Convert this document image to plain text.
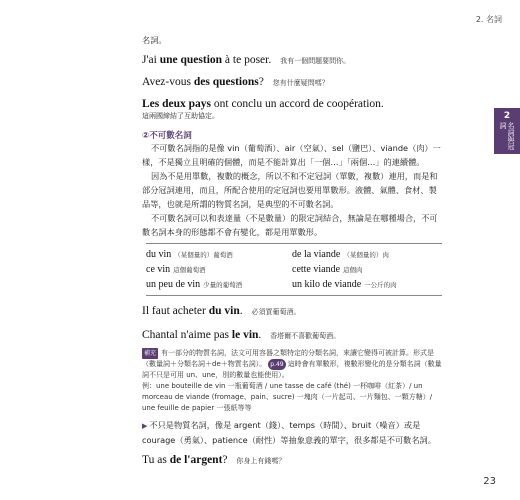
2. 名詞
2
名詞與冠詞

名詞。

J'ai une question à te poser. 我有一個問題要問你。

Avez-vous des questions? 您有什麼疑問嗎？

Les deux pays ont conclu un accord de coopération.

這兩國締結了互助協定。

②不可數名詞

不可數名詞指的是像 vin（葡萄酒）、air（空氣）、sel（鹽巴）、viande（肉）一樣，不是獨立且明確的個體，而是不能計算出「一個…」「兩個…」的連續體。

因為不是用單數，複數的概念，所以不和不定冠詞（單數，複數）連用，而是和部分冠詞連用，而且，所配合使用的定冠詞也要用單數形。液體、氣體、食材、製品等，也就是所謂的物質名詞，是典型的不可數名詞。

不可數名詞可以和表達量（不是數量）的限定詞結合，無論是在哪種場合，不可數名詞本身的形態都不會有變化，都是用單數形。

du vin （某個量的）葡萄酒	de la viande （某個量的）肉
ce vin 這個葡萄酒	cette viande 這個肉
un peu de vin 少量的葡萄酒	un kilo de viande 一公斤的肉

Il faut acheter du vin. 必須買葡萄酒。

Chantal n'aime pas le vin. 香塔爾不喜歡葡萄酒。

補充 有一部分的物質名詞，法文可用容器之類特定的分類名詞，來讓它變得可被計算。形式是（數量詞＋分類名詞＋de＋物質名詞）。 p.49 這時會有單數形，複數形變化的是分類名詞（數量詞不只是可用 un、une，別的數量也能使用）。
例：une bouteille de vin 一瓶葡萄酒 / une tasse de café (thé) 一杯咖啡（紅茶）/ un morceau de viande (fromage、pain、sucre) 一塊肉（一片起司、一片麵包、一顆方糖）/ une feuille de papier 一張紙等等

▶ 不只是物質名詞，像是 argent（錢）、temps（時間）、bruit（噪音）或是 courage（勇氣）、patience（耐性）等抽象意義的單字，很多都是不可數名詞。

Tu as de l'argent? 你身上有錢嗎？

23
